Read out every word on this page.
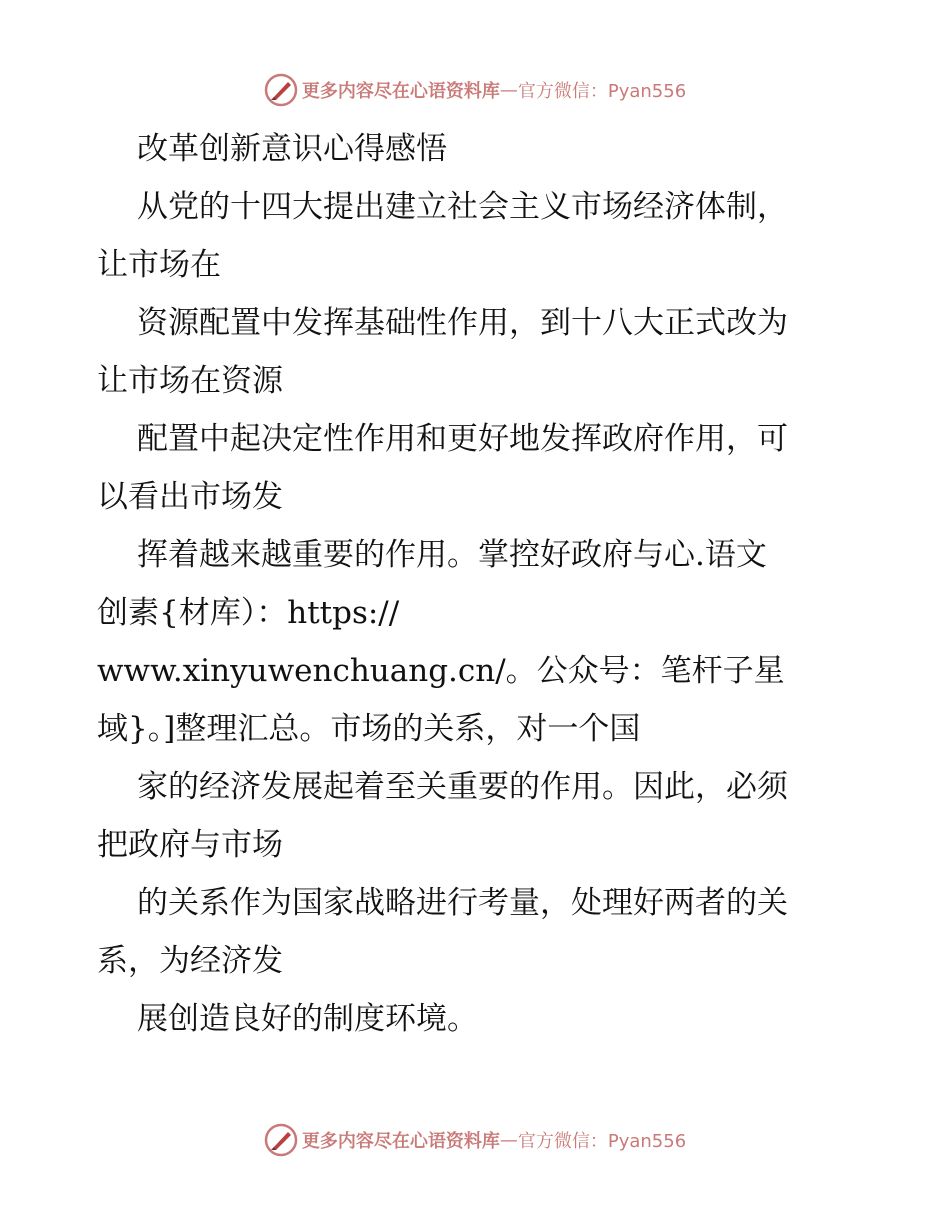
更多内容尽在心语资料库 — 官方微信：Pyan556
改革创新意识心得感悟
从党的十四大提出建立社会主义市场经济体制，
让市场在
资源配置中发挥基础性作用，到十八大正式改为
让市场在资源
配置中起决定性作用和更好地发挥政府作用，可
以看出市场发
挥着越来越重要的作用。掌控好政府与心.语文
创素{材库）：https://
www.xinyuwenchuang.cn/。公众号：笔杆子星
域}。]整理汇总。市场的关系，对一个国
家的经济发展起着至关重要的作用。因此，必须
把政府与市场
的关系作为国家战略进行考量，处理好两者的关
系，为经济发
展创造良好的制度环境。
更多内容尽在心语资料库 — 官方微信：Pyan556
